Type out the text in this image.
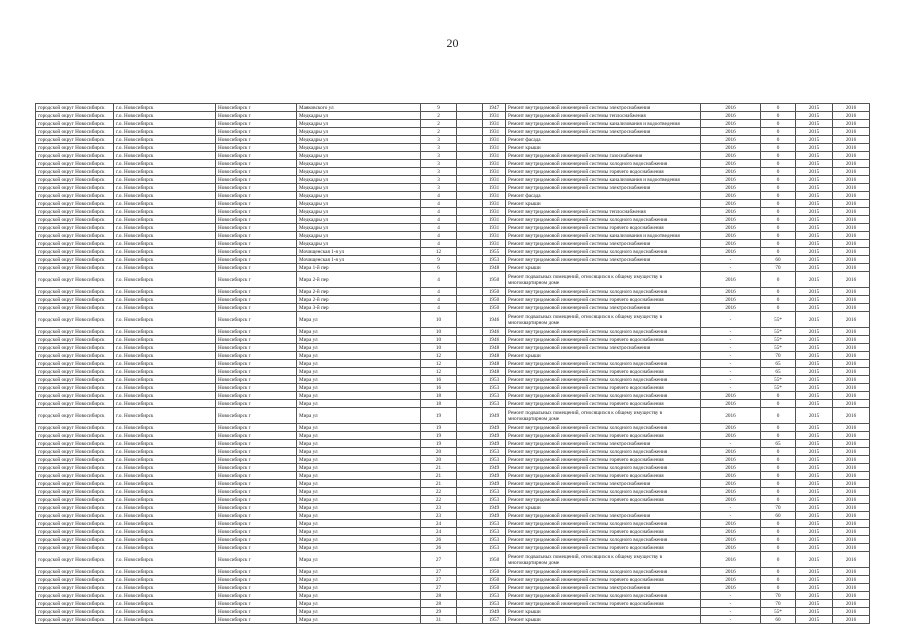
20
городской округ Новосибирск	г.о. Новосибирск	Новосибирск г	Маяковского ул	9		1947	Ремонт внутридомовой инженерной системы электроснабжения	2016	0	2015	2016
городской округ Новосибирск	г.о. Новосибирск	Новосибирск г	Медкадры ул	2		1931	Ремонт внутридомовой инженерной системы теплоснабжения	2016	0	2015	2016
городской округ Новосибирск	г.о. Новосибирск	Новосибирск г	Медкадры ул	2		1931	Ремонт внутридомовой инженерной системы канализования и водоотведения	2016	0	2015	2016
городской округ Новосибирск	г.о. Новосибирск	Новосибирск г	Медкадры ул	2		1931	Ремонт внутридомовой инженерной системы электроснабжения	2016	0	2015	2016
городской округ Новосибирск	г.о. Новосибирск	Новосибирск г	Медкадры ул	3		1931	Ремонт фасада	2016	0	2015	2016
городской округ Новосибирск	г.о. Новосибирск	Новосибирск г	Медкадры ул	3		1931	Ремонт крыши	2016	0	2015	2016
городской округ Новосибирск	г.о. Новосибирск	Новосибирск г	Медкадры ул	3		1931	Ремонт внутридомовой инженерной системы газоснабжения	2016	0	2015	2016
городской округ Новосибирск	г.о. Новосибирск	Новосибирск г	Медкадры ул	3		1931	Ремонт внутридомовой инженерной системы холодного водоснабжения	2016	0	2015	2016
городской округ Новосибирск	г.о. Новосибирск	Новосибирск г	Медкадры ул	3		1931	Ремонт внутридомовой инженерной системы горячего водоснабжения	2016	0	2015	2016
городской округ Новосибирск	г.о. Новосибирск	Новосибирск г	Медкадры ул	3		1931	Ремонт внутридомовой инженерной системы канализования и водоотведения	2016	0	2015	2016
городской округ Новосибирск	г.о. Новосибирск	Новосибирск г	Медкадры ул	3		1931	Ремонт внутридомовой инженерной системы электроснабжения	2016	0	2015	2016
городской округ Новосибирск	г.о. Новосибирск	Новосибирск г	Медкадры ул	4		1931	Ремонт фасада	2016	0	2015	2016
городской округ Новосибирск	г.о. Новосибирск	Новосибирск г	Медкадры ул	4		1931	Ремонт крыши	2016	0	2015	2016
городской округ Новосибирск	г.о. Новосибирск	Новосибирск г	Медкадры ул	4		1931	Ремонт внутридомовой инженерной системы теплоснабжения	2016	0	2015	2016
городской округ Новосибирск	г.о. Новосибирск	Новосибирск г	Медкадры ул	4		1931	Ремонт внутридомовой инженерной системы холодного водоснабжения	2016	0	2015	2016
городской округ Новосибирск	г.о. Новосибирск	Новосибирск г	Медкадры ул	4		1931	Ремонт внутридомовой инженерной системы горячего водоснабжения	2016	0	2015	2016
городской округ Новосибирск	г.о. Новосибирск	Новосибирск г	Медкадры ул	4		1931	Ремонт внутридомовой инженерной системы канализования и водоотведения	2016	0	2015	2016
городской округ Новосибирск	г.о. Новосибирск	Новосибирск г	Медкадры ул	4		1931	Ремонт внутридомовой инженерной системы электроснабжения	2016	0	2015	2016
городской округ Новосибирск	г.о. Новосибирск	Новосибирск г	Мочищенская 1-я ул	12		1955	Ремонт внутридомовой инженерной системы холодного водоснабжения	2016	0	2015	2016
городской округ Новосибирск	г.о. Новосибирск	Новосибирск г	Мочищенская 1-я ул	9		1953	Ремонт внутридомовой инженерной системы электроснабжения	-	60	2015	2016
городской округ Новосибирск	г.о. Новосибирск	Новосибирск г	Мира 1-й пер	6		1948	Ремонт крыши	-	70	2015	2016
городской округ Новосибирск	г.о. Новосибирск	Новосибирск г	Мира 2-й пер	4		1950	Ремонт подвальных помещений, относящихся к общему имуществу в многоквартирном доме	2016	0	2015	2016
городской округ Новосибирск	г.о. Новосибирск	Новосибирск г	Мира 2-й пер	4		1950	Ремонт внутридомовой инженерной системы холодного водоснабжения	2016	0	2015	2016
городской округ Новосибирск	г.о. Новосибирск	Новосибирск г	Мира 2-й пер	4		1950	Ремонт внутридомовой инженерной системы горячего водоснабжения	2016	0	2015	2016
городской округ Новосибирск	г.о. Новосибирск	Новосибирск г	Мира 3-й пер	4		1950	Ремонт внутридомовой инженерной системы электроснабжения	2016	0	2015	2016
городской округ Новосибирск	г.о. Новосибирск	Новосибирск г	Мира ул	10		1946	Ремонт подвальных помещений, относящихся к общему имуществу в многоквартирном доме	-	55*	2015	2016
городской округ Новосибирск	г.о. Новосибирск	Новосибирск г	Мира ул	10		1946	Ремонт внутридомовой инженерной системы холодного водоснабжения	-	55*	2015	2016
городской округ Новосибирск	г.о. Новосибирск	Новосибирск г	Мира ул	10		1946	Ремонт внутридомовой инженерной системы горячего водоснабжения	-	55*	2015	2016
городской округ Новосибирск	г.о. Новосибирск	Новосибирск г	Мира ул	10		1948	Ремонт внутридомовой инженерной системы электроснабжения	-	55*	2015	2016
городской округ Новосибирск	г.о. Новосибирск	Новосибирск г	Мира ул	12		1948	Ремонт крыши	-	70	2015	2016
городской округ Новосибирск	г.о. Новосибирск	Новосибирск г	Мира ул	12		1948	Ремонт внутридомовой инженерной системы холодного водоснабжения	-	65	2015	2016
городской округ Новосибирск	г.о. Новосибирск	Новосибирск г	Мира ул	12		1948	Ремонт внутридомовой инженерной системы горячего водоснабжения	-	65	2015	2016
городской округ Новосибирск	г.о. Новосибирск	Новосибирск г	Мира ул	16		1953	Ремонт внутридомовой инженерной системы холодного водоснабжения	-	55*	2015	2016
городской округ Новосибирск	г.о. Новосибирск	Новосибирск г	Мира ул	16		1953	Ремонт внутридомовой инженерной системы горячего водоснабжения	-	55*	2015	2016
городской округ Новосибирск	г.о. Новосибирск	Новосибирск г	Мира ул	18		1953	Ремонт внутридомовой инженерной системы холодного водоснабжения	2016	0	2015	2016
городской округ Новосибирск	г.о. Новосибирск	Новосибирск г	Мира ул	18		1953	Ремонт внутридомовой инженерной системы горячего водоснабжения	2016	0	2015	2016
городской округ Новосибирск	г.о. Новосибирск	Новосибирск г	Мира ул	19		1949	Ремонт подвальных помещений, относящихся к общему имуществу в многоквартирном доме	2016	0	2015	2016
городской округ Новосибирск	г.о. Новосибирск	Новосибирск г	Мира ул	19		1949	Ремонт внутридомовой инженерной системы холодного водоснабжения	2016	0	2015	2016
городской округ Новосибирск	г.о. Новосибирск	Новосибирск г	Мира ул	19		1949	Ремонт внутридомовой инженерной системы горячего водоснабжения	2016	0	2015	2016
городской округ Новосибирск	г.о. Новосибирск	Новосибирск г	Мира ул	19		1949	Ремонт внутридомовой инженерной системы электроснабжения	-	65	2015	2016
городской округ Новосибирск	г.о. Новосибирск	Новосибирск г	Мира ул	20		1953	Ремонт внутридомовой инженерной системы холодного водоснабжения	2016	0	2015	2016
городской округ Новосибирск	г.о. Новосибирск	Новосибирск г	Мира ул	20		1953	Ремонт внутридомовой инженерной системы горячего водоснабжения	2016	0	2015	2016
городской округ Новосибирск	г.о. Новосибирск	Новосибирск г	Мира ул	21		1949	Ремонт внутридомовой инженерной системы холодного водоснабжения	2016	0	2015	2016
городской округ Новосибирск	г.о. Новосибирск	Новосибирск г	Мира ул	21		1949	Ремонт внутридомовой инженерной системы горячего водоснабжения	2016	0	2015	2016
городской округ Новосибирск	г.о. Новосибирск	Новосибирск г	Мира ул	21		1949	Ремонт внутридомовой инженерной системы электроснабжения	2016	0	2015	2016
городской округ Новосибирск	г.о. Новосибирск	Новосибирск г	Мира ул	22		1953	Ремонт внутридомовой инженерной системы холодного водоснабжения	2016	0	2015	2016
городской округ Новосибирск	г.о. Новосибирск	Новосибирск г	Мира ул	22		1953	Ремонт внутридомовой инженерной системы горячего водоснабжения	2016	0	2015	2016
городской округ Новосибирск	г.о. Новосибирск	Новосибирск г	Мира ул	23		1949	Ремонт крыши	-	70	2015	2016
городской округ Новосибирск	г.о. Новосибирск	Новосибирск г	Мира ул	23		1949	Ремонт внутридомовой инженерной системы электроснабжения	-	60	2015	2016
городской округ Новосибирск	г.о. Новосибирск	Новосибирск г	Мира ул	24		1953	Ремонт внутридомовой инженерной системы холодного водоснабжения	2016	0	2015	2016
городской округ Новосибирск	г.о. Новосибирск	Новосибирск г	Мира ул	24		1953	Ремонт внутридомовой инженерной системы горячего водоснабжения	2016	0	2015	2016
городской округ Новосибирск	г.о. Новосибирск	Новосибирск г	Мира ул	26		1953	Ремонт внутридомовой инженерной системы холодного водоснабжения	2016	0	2015	2016
городской округ Новосибирск	г.о. Новосибирск	Новосибирск г	Мира ул	26		1953	Ремонт внутридомовой инженерной системы горячего водоснабжения	2016	0	2015	2016
городской округ Новосибирск	г.о. Новосибирск	Новосибирск г	Мира ул	27		1950	Ремонт подвальных помещений, относящихся к общему имуществу в многоквартирном доме	2016	0	2015	2016
городской округ Новосибирск	г.о. Новосибирск	Новосибирск г	Мира ул	27		1950	Ремонт внутридомовой инженерной системы холодного водоснабжения	2016	0	2015	2016
городской округ Новосибирск	г.о. Новосибирск	Новосибирск г	Мира ул	27		1950	Ремонт внутридомовой инженерной системы горячего водоснабжения	2016	0	2015	2016
городской округ Новосибирск	г.о. Новосибирск	Новосибирск г	Мира ул	27		1950	Ремонт внутридомовой инженерной системы электроснабжения	2016	0	2015	2016
городской округ Новосибирск	г.о. Новосибирск	Новосибирск г	Мира ул	28		1953	Ремонт внутридомовой инженерной системы холодного водоснабжения	-	70	2015	2016
городской округ Новосибирск	г.о. Новосибирск	Новосибирск г	Мира ул	28		1953	Ремонт внутридомовой инженерной системы горячего водоснабжения	-	70	2015	2016
городской округ Новосибирск	г.о. Новосибирск	Новосибирск г	Мира ул	29		1949	Ремонт крыши	-	55*	2015	2016
городской округ Новосибирск	г.о. Новосибирск	Новосибирск г	Мира ул	31		1957	Ремонт крыши	-	60	2015	2016
